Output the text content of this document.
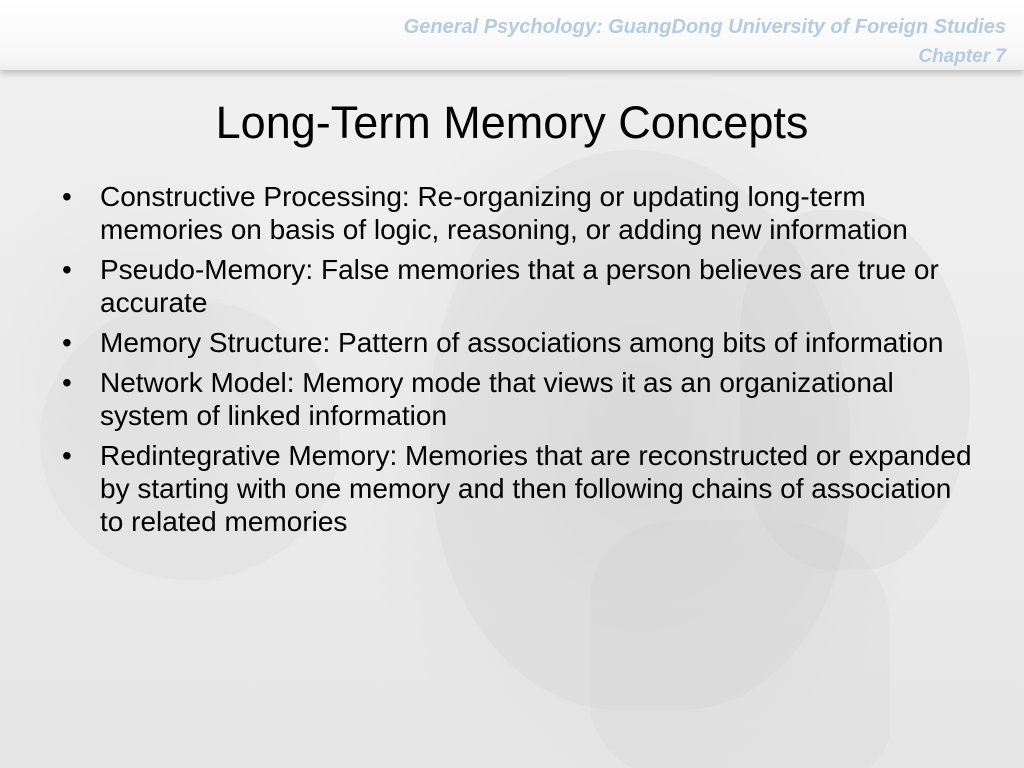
General Psychology: GuangDong University of Foreign Studies
Chapter 7
Long-Term Memory Concepts
• Constructive Processing: Re-organizing or updating long-term memories on basis of logic, reasoning, or adding new information
• Pseudo-Memory: False memories that a person believes are true or accurate
• Memory Structure: Pattern of associations among bits of information
• Network Model: Memory mode that views it as an organizational system of linked information
• Redintegrative Memory: Memories that are reconstructed or expanded by starting with one memory and then following chains of association to related memories
